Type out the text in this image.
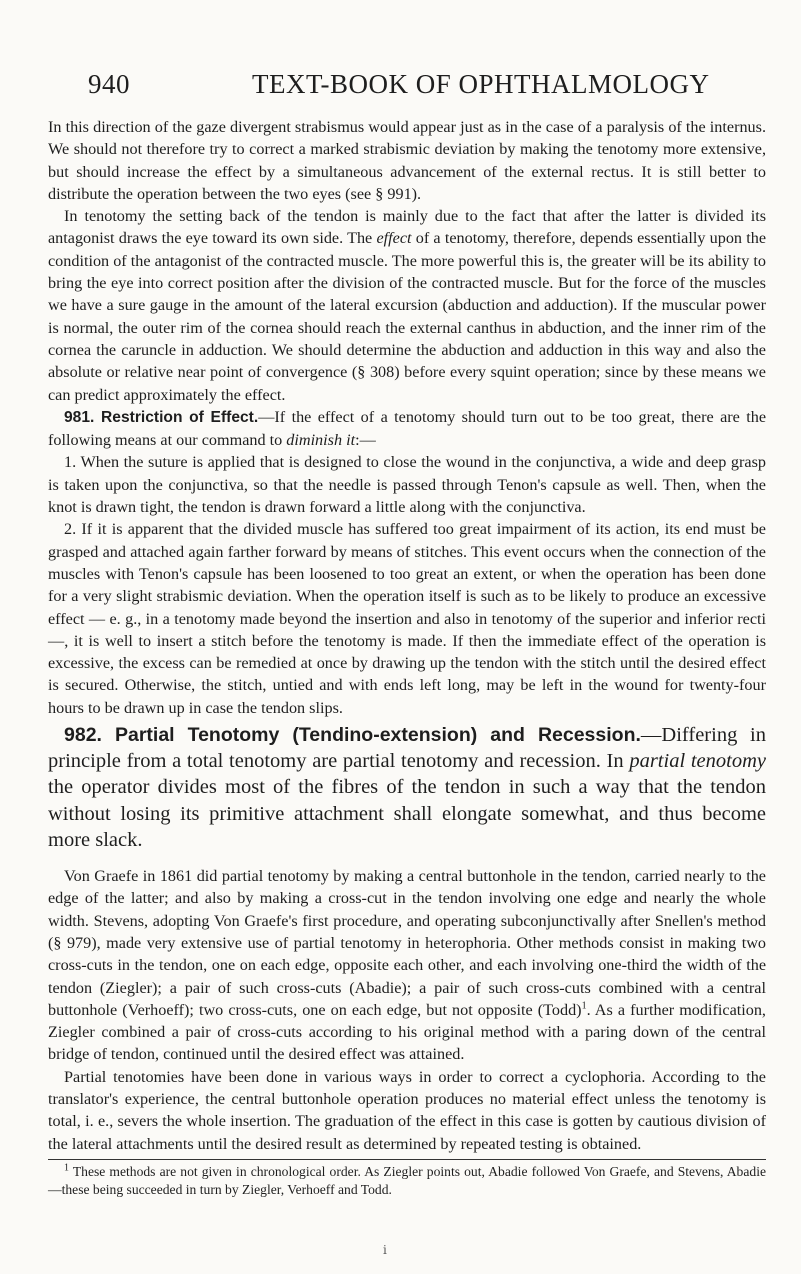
940	TEXT-BOOK OF OPHTHALMOLOGY

In this direction of the gaze divergent strabismus would appear just as in the case of a paralysis of the internus. We should not therefore try to correct a marked strabismic deviation by making the tenotomy more extensive, but should increase the effect by a simultaneous advancement of the external rectus. It is still better to distribute the operation between the two eyes (see § 991).

In tenotomy the setting back of the tendon is mainly due to the fact that after the latter is divided its antagonist draws the eye toward its own side. The effect of a tenotomy, therefore, depends essentially upon the condition of the antagonist of the contracted muscle. The more powerful this is, the greater will be its ability to bring the eye into correct position after the division of the contracted muscle. But for the force of the muscles we have a sure gauge in the amount of the lateral excursion (abduction and adduction). If the muscular power is normal, the outer rim of the cornea should reach the external canthus in abduction, and the inner rim of the cornea the caruncle in adduction. We should determine the abduction and adduction in this way and also the absolute or relative near point of convergence (§ 308) before every squint operation; since by these means we can predict approximately the effect.

981. Restriction of Effect.—If the effect of a tenotomy should turn out to be too great, there are the following means at our command to diminish it:—

1. When the suture is applied that is designed to close the wound in the conjunctiva, a wide and deep grasp is taken upon the conjunctiva, so that the needle is passed through Tenon's capsule as well. Then, when the knot is drawn tight, the tendon is drawn forward a little along with the conjunctiva.

2. If it is apparent that the divided muscle has suffered too great impairment of its action, its end must be grasped and attached again farther forward by means of stitches. This event occurs when the connection of the muscles with Tenon's capsule has been loosened to too great an extent, or when the operation has been done for a very slight strabismic deviation. When the operation itself is such as to be likely to produce an excessive effect — e. g., in a tenotomy made beyond the insertion and also in tenotomy of the superior and inferior recti—, it is well to insert a stitch before the tenotomy is made. If then the immediate effect of the operation is excessive, the excess can be remedied at once by drawing up the tendon with the stitch until the desired effect is secured. Otherwise, the stitch, untied and with ends left long, may be left in the wound for twenty-four hours to be drawn up in case the tendon slips.

982. Partial Tenotomy (Tendino-extension) and Recession.—Differing in principle from a total tenotomy are partial tenotomy and recession. In partial tenotomy the operator divides most of the fibres of the tendon in such a way that the tendon without losing its primitive attachment shall elongate somewhat, and thus become more slack.

Von Graefe in 1861 did partial tenotomy by making a central buttonhole in the tendon, carried nearly to the edge of the latter; and also by making a cross-cut in the tendon involving one edge and nearly the whole width. Stevens, adopting Von Graefe's first procedure, and operating subconjunctivally after Snellen's method (§ 979), made very extensive use of partial tenotomy in heterophoria. Other methods consist in making two cross-cuts in the tendon, one on each edge, opposite each other, and each involving one-third the width of the tendon (Ziegler); a pair of such cross-cuts (Abadie); a pair of such cross-cuts combined with a central buttonhole (Verhoeff); two cross-cuts, one on each edge, but not opposite (Todd)$^1$. As a further modification, Ziegler combined a pair of cross-cuts according to his original method with a paring down of the central bridge of tendon, continued until the desired effect was attained.

Partial tenotomies have been done in various ways in order to correct a cyclophoria. According to the translator's experience, the central buttonhole operation produces no material effect unless the tenotomy is total, i. e., severs the whole insertion. The graduation of the effect in this case is gotten by cautious division of the lateral attachments until the desired result as determined by repeated testing is obtained.

$^1$ These methods are not given in chronological order. As Ziegler points out, Abadie followed Von Graefe, and Stevens, Abadie—these being succeeded in turn by Ziegler, Verhoeff and Todd.

ⅰ
